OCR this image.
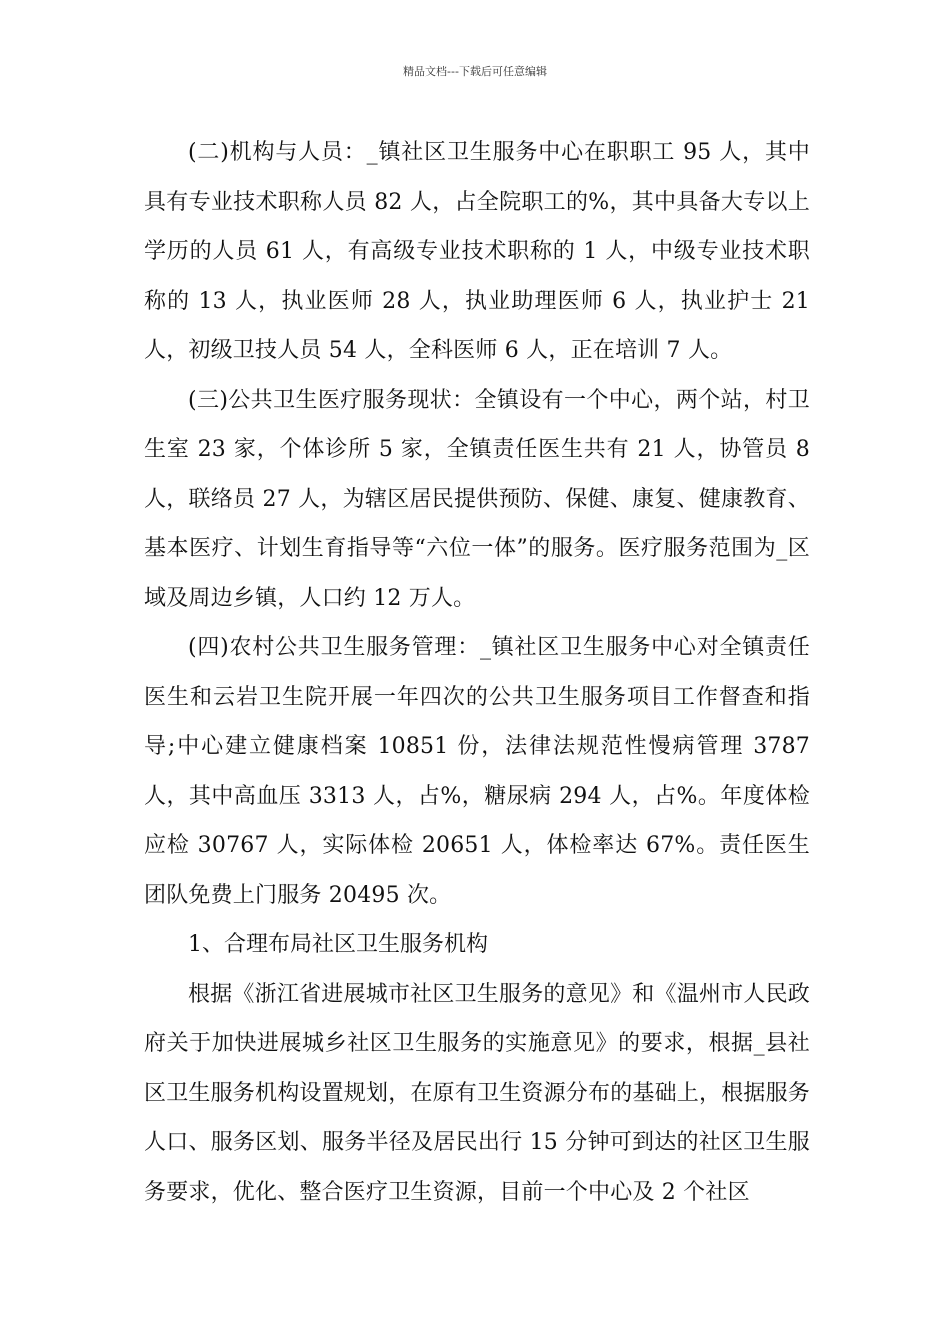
精品文档---下载后可任意编辑

(二)机构与人员：_镇社区卫生服务中心在职职工 95 人，其中具有专业技术职称人员 82 人，占全院职工的%，其中具备大专以上学历的人员 61 人，有高级专业技术职称的 1 人，中级专业技术职称的 13 人，执业医师 28 人，执业助理医师 6 人，执业护士 21 人，初级卫技人员 54 人，全科医师 6 人，正在培训 7 人。

(三)公共卫生医疗服务现状：全镇设有一个中心，两个站，村卫生室 23 家，个体诊所 5 家，全镇责任医生共有 21 人，协管员 8 人，联络员 27 人，为辖区居民提供预防、保健、康复、健康教育、基本医疗、计划生育指导等“六位一体”的服务。医疗服务范围为_区域及周边乡镇，人口约 12 万人。

(四)农村公共卫生服务管理：_镇社区卫生服务中心对全镇责任医生和云岩卫生院开展一年四次的公共卫生服务项目工作督查和指导;中心建立健康档案 10851 份，法律法规范性慢病管理 3787 人，其中高血压 3313 人，占%，糖尿病 294 人，占%。年度体检应检 30767 人，实际体检 20651 人，体检率达 67%。责任医生团队免费上门服务 20495 次。

1、合理布局社区卫生服务机构

根据《浙江省进展城市社区卫生服务的意见》和《温州市人民政府关于加快进展城乡社区卫生服务的实施意见》的要求，根据_县社区卫生服务机构设置规划，在原有卫生资源分布的基础上，根据服务人口、服务区划、服务半径及居民出行 15 分钟可到达的社区卫生服务要求，优化、整合医疗卫生资源，目前一个中心及 2 个社区
